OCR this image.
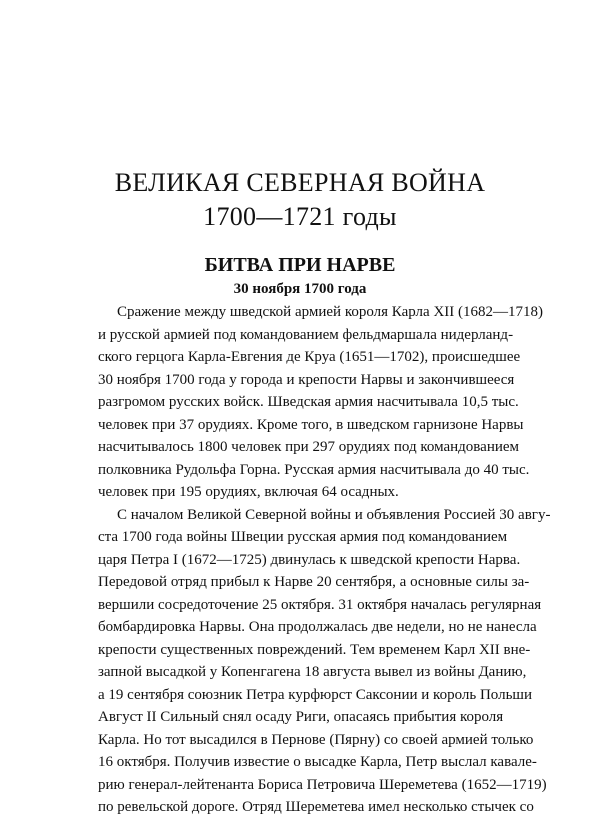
ВЕЛИКАЯ СЕВЕРНАЯ ВОЙНА
1700—1721 годы
БИТВА ПРИ НАРВЕ
30 ноября 1700 года
Сражение между шведской армией короля Карла XII (1682—1718)
и русской армией под командованием фельдмаршала нидерланд-
ского герцога Карла-Евгения де Круа (1651—1702), происшедшее
30 ноября 1700 года у города и крепости Нарвы и закончившееся
разгромом русских войск. Шведская армия насчитывала 10,5 тыс.
человек при 37 орудиях. Кроме того, в шведском гарнизоне Нарвы
насчитывалось 1800 человек при 297 орудиях под командованием
полковника Рудольфа Горна. Русская армия насчитывала до 40 тыс.
человек при 195 орудиях, включая 64 осадных.
С началом Великой Северной войны и объявления Россией 30 авгу-
ста 1700 года войны Швеции русская армия под командованием
царя Петра I (1672—1725) двинулась к шведской крепости Нарва.
Передовой отряд прибыл к Нарве 20 сентября, а основные силы за-
вершили сосредоточение 25 октября. 31 октября началась регулярная
бомбардировка Нарвы. Она продолжалась две недели, но не нанесла
крепости существенных повреждений. Тем временем Карл XII вне-
запной высадкой у Копенгагена 18 августа вывел из войны Данию,
а 19 сентября союзник Петра курфюрст Саксонии и король Польши
Август II Сильный снял осаду Риги, опасаясь прибытия короля
Карла. Но тот высадился в Пернове (Пярну) со своей армией только
16 октября. Получив известие о высадке Карла, Петр выслал кавале-
рию генерал-лейтенанта Бориса Петровича Шереметева (1652—1719)
по ревельской дороге. Отряд Шереметева имел несколько стычек со
